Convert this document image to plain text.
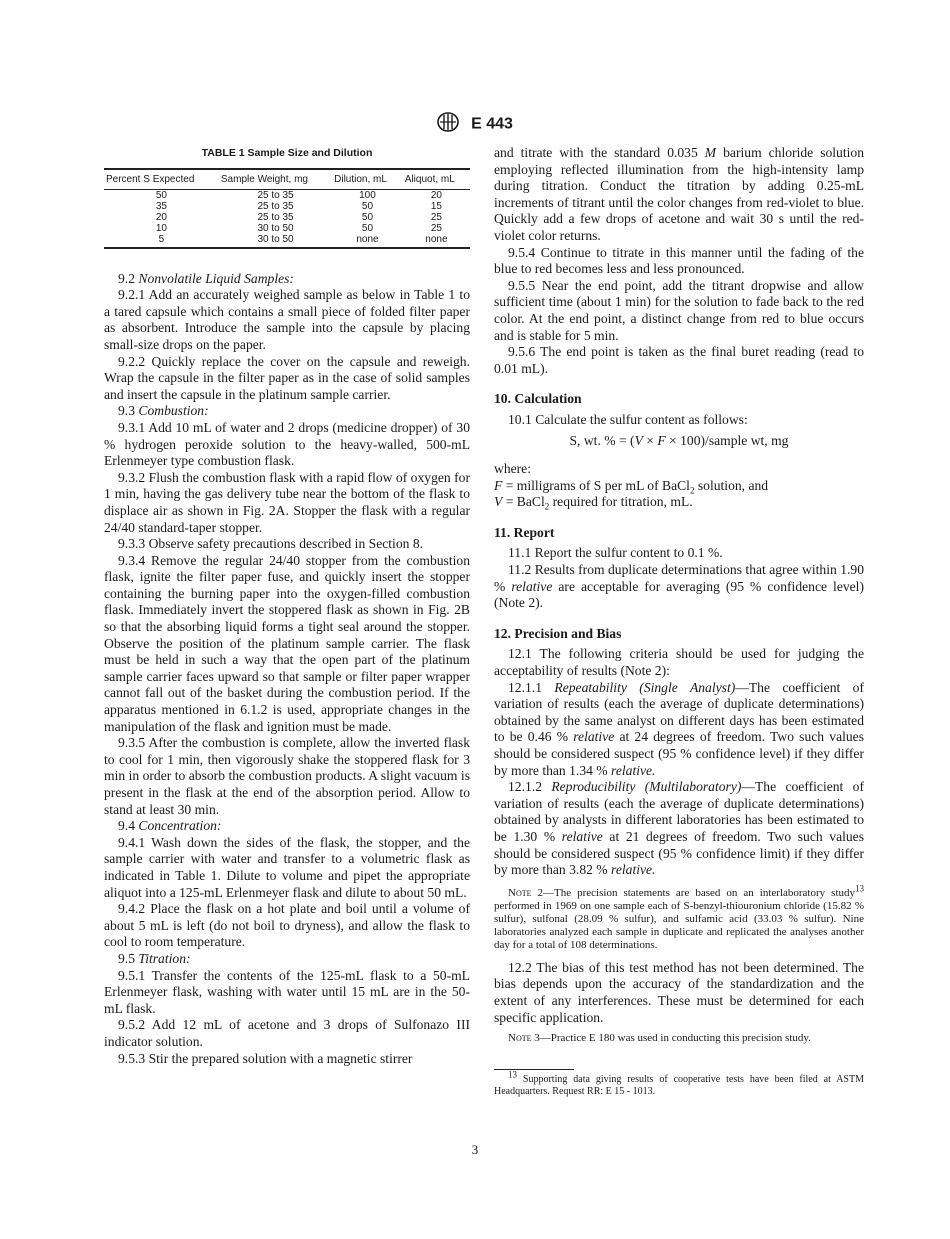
E 443
TABLE 1 Sample Size and Dilution
Percent S Expected	Sample Weight, mg	Dilution, mL	Aliquot, mL
50	25 to 35	100	20
35	25 to 35	50	15
20	25 to 35	50	25
10	30 to 50	50	25
5	30 to 50	none	none

9.2 Nonvolatile Liquid Samples:

9.2.1 Add an accurately weighed sample as below in Table 1 to a tared capsule which contains a small piece of folded filter paper as absorbent. Introduce the sample into the capsule by placing small-size drops on the paper.

9.2.2 Quickly replace the cover on the capsule and reweigh. Wrap the capsule in the filter paper as in the case of solid samples and insert the capsule in the platinum sample carrier.

9.3 Combustion:

9.3.1 Add 10 mL of water and 2 drops (medicine dropper) of 30 % hydrogen peroxide solution to the heavy-walled, 500-mL Erlenmeyer type combustion flask.

9.3.2 Flush the combustion flask with a rapid flow of oxygen for 1 min, having the gas delivery tube near the bottom of the flask to displace air as shown in Fig. 2A. Stopper the flask with a regular 24/40 standard-taper stopper.

9.3.3 Observe safety precautions described in Section 8.

9.3.4 Remove the regular 24/40 stopper from the combustion flask, ignite the filter paper fuse, and quickly insert the stopper containing the burning paper into the oxygen-filled combustion flask. Immediately invert the stoppered flask as shown in Fig. 2B so that the absorbing liquid forms a tight seal around the stopper. Observe the position of the platinum sample carrier. The flask must be held in such a way that the open part of the platinum sample carrier faces upward so that sample or filter paper wrapper cannot fall out of the basket during the combustion period. If the apparatus mentioned in 6.1.2 is used, appropriate changes in the manipulation of the flask and ignition must be made.

9.3.5 After the combustion is complete, allow the inverted flask to cool for 1 min, then vigorously shake the stoppered flask for 3 min in order to absorb the combustion products. A slight vacuum is present in the flask at the end of the absorption period. Allow to stand at least 30 min.

9.4 Concentration:

9.4.1 Wash down the sides of the flask, the stopper, and the sample carrier with water and transfer to a volumetric flask as indicated in Table 1. Dilute to volume and pipet the appropriate aliquot into a 125-mL Erlenmeyer flask and dilute to about 50 mL.

9.4.2 Place the flask on a hot plate and boil until a volume of about 5 mL is left (do not boil to dryness), and allow the flask to cool to room temperature.

9.5 Titration:

9.5.1 Transfer the contents of the 125-mL flask to a 50-mL Erlenmeyer flask, washing with water until 15 mL are in the 50-mL flask.

9.5.2 Add 12 mL of acetone and 3 drops of Sulfonazo III indicator solution.

9.5.3 Stir the prepared solution with a magnetic stirrer

and titrate with the standard 0.035 M barium chloride solution employing reflected illumination from the high-intensity lamp during titration. Conduct the titration by adding 0.25-mL increments of titrant until the color changes from red-violet to blue. Quickly add a few drops of acetone and wait 30 s until the red-violet color returns.

9.5.4 Continue to titrate in this manner until the fading of the blue to red becomes less and less pronounced.

9.5.5 Near the end point, add the titrant dropwise and allow sufficient time (about 1 min) for the solution to fade back to the red color. At the end point, a distinct change from red to blue occurs and is stable for 5 min.

9.5.6 The end point is taken as the final buret reading (read to 0.01 mL).

10. Calculation

10.1 Calculate the sulfur content as follows:

S, wt. % = (V × F × 100)/sample wt, mg

where:

F = milligrams of S per mL of BaCl$_2$ solution, and

V = BaCl$_2$ required for titration, mL.

11. Report

11.1 Report the sulfur content to 0.1 %.

11.2 Results from duplicate determinations that agree within 1.90 % relative are acceptable for averaging (95 % confidence level) (Note 2).

12. Precision and Bias

12.1 The following criteria should be used for judging the acceptability of results (Note 2):

12.1.1 Repeatability (Single Analyst)—The coefficient of variation of results (each the average of duplicate determinations) obtained by the same analyst on different days has been estimated to be 0.46 % relative at 24 degrees of freedom. Two such values should be considered suspect (95 % confidence level) if they differ by more than 1.34 % relative.

12.1.2 Reproducibility (Multilaboratory)—The coefficient of variation of results (each the average of duplicate determinations) obtained by analysts in different laboratories has been estimated to be 1.30 % relative at 21 degrees of freedom. Two such values should be considered suspect (95 % confidence limit) if they differ by more than 3.82 % relative.

Note 2—The precision statements are based on an interlaboratory study$^{13}$ performed in 1969 on one sample each of S-benzyl-thiouronium chloride (15.82 % sulfur), sulfonal (28.09 % sulfur), and sulfamic acid (33.03 % sulfur). Nine laboratories analyzed each sample in duplicate and replicated the analyses another day for a total of 108 determinations.

12.2 The bias of this test method has not been determined. The bias depends upon the accuracy of the standardization and the extent of any interferences. These must be determined for each specific application.

Note 3—Practice E 180 was used in conducting this precision study.

$^{13}$ Supporting data giving results of cooperative tests have been filed at ASTM Headquarters. Request RR: E 15 - 1013.

3
